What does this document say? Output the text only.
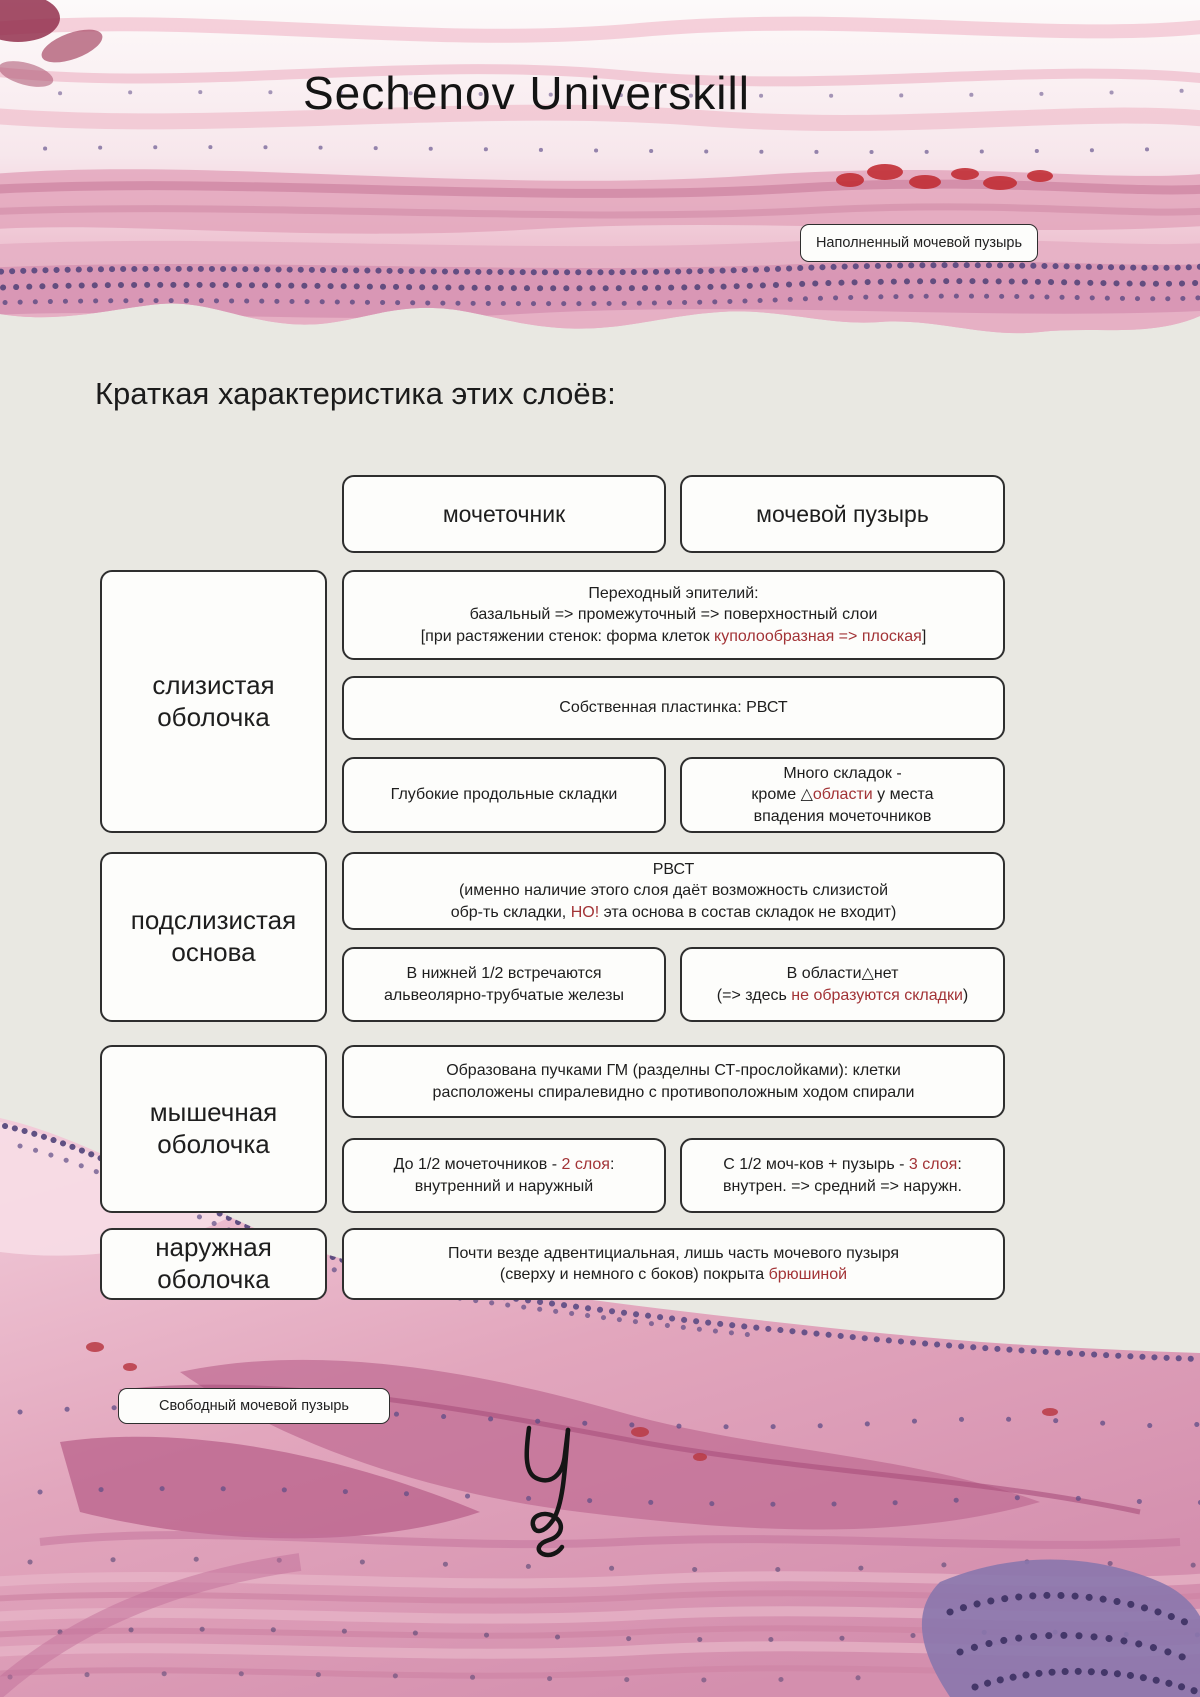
Sechenov Universkill
Наполненный мочевой пузырь
Краткая характеристика этих слоёв:
мочеточник	мочевой пузырь
слизистая оболочка
подслизистая основа
мышечная оболочка
наружная оболочка
Переходный эпителий:
базальный => промежуточный => поверхностный слои
[при растяжении стенок: форма клеток куполообразная => плоская]
Собственная пластинка: РВСТ
Глубокие продольные складки
Много складок -
кроме △области у места
впадения мочеточников
РВСТ
(именно наличие этого слоя даёт возможность слизистой
обр-ть складки, НО! эта основа в состав складок не входит)
В нижней 1/2 встречаются
альвеолярно-трубчатые железы
В области△нет
(=> здесь не образуются складки)
Образована пучками ГМ (разделны СТ-прослойками): клетки
расположены спиралевидно с противоположным ходом спирали
До 1/2 мочеточников - 2 слоя:
внутренний и наружный
С 1/2 моч-ков + пузырь - 3 слоя:
внутрен. => средний => наружн.
Почти везде адвентициальная, лишь часть мочевого пузыря
(сверху и немного с боков) покрыта брюшиной
Свободный мочевой пузырь
